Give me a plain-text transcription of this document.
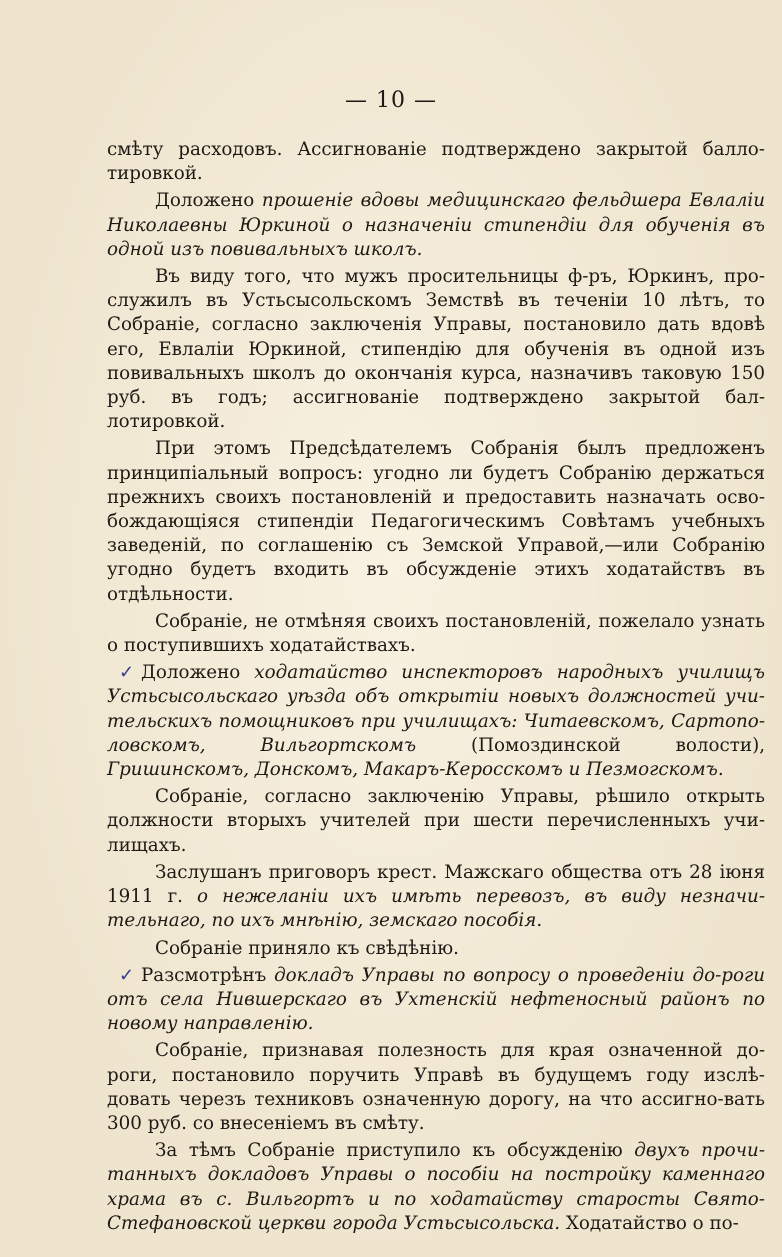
— 10 —

смѣту расходовъ. Ассигнованіе подтверждено закрытой балло-тировкой.

Доложено прошеніе вдовы медицинскаго фельдшера Евлаліи Николаевны Юркиной о назначеніи стипендіи для обученія въ одной изъ повивальныхъ школъ.

Въ виду того, что мужъ просительницы ф-ръ, Юркинъ, про-служилъ въ Устьсысольскомъ Земствѣ въ теченіи 10 лѣтъ, то Собраніе, согласно заключенія Управы, постановило дать вдовѣ его, Евлаліи Юркиной, стипендію для обученія въ одной изъ повивальныхъ школъ до окончанія курса, назначивъ таковую 150 руб. въ годъ; ассигнованіе подтверждено закрытой бал-лотировкой.

При этомъ Предсѣдателемъ Собранія былъ предложенъ принципіальный вопросъ: угодно ли будетъ Собранію держаться прежнихъ своихъ постановленій и предоставить назначать осво-бождающіяся стипендіи Педагогическимъ Совѣтамъ учебныхъ заведеній, по соглашенію съ Земской Управой,—или Собранію угодно будетъ входить въ обсужденіе этихъ ходатайствъ въ отдѣльности.

Собраніе, не отмѣняя своихъ постановленій, пожелало узнать о поступившихъ ходатайствахъ.

✓ Доложено ходатайство инспекторовъ народныхъ училищъ Устьсысольскаго уѣзда объ открытіи новыхъ должностей учи-тельскихъ помощниковъ при училищахъ: Читаевскомъ, Сартопо-ловскомъ, Вильгортскомъ (Помоздинской волости), Гришинскомъ, Донскомъ, Макаръ-Керосскомъ и Пезмогскомъ.

Собраніе, согласно заключенію Управы, рѣшило открыть должности вторыхъ учителей при шести перечисленныхъ учи-лищахъ.

Заслушанъ приговоръ крест. Мажскаго общества отъ 28 іюня 1911 г. о нежеланіи ихъ имѣть перевозъ, въ виду незначи-тельнаго, по ихъ мнѣнію, земскаго пособія.

Собраніе приняло къ свѣдѣнію.

✓ Разсмотрѣнъ докладъ Управы по вопросу о проведеніи до-роги отъ села Нившерскаго въ Ухтенскій нефтеносный районъ по новому направленію.

Собраніе, признавая полезность для края означенной до-роги, постановило поручить Управѣ въ будущемъ году изслѣ-довать черезъ техниковъ означенную дорогу, на что ассигно-вать 300 руб. со внесеніемъ въ смѣту.

За тѣмъ Собраніе приступило къ обсужденію двухъ прочи-танныхъ докладовъ Управы о пособіи на постройку каменнаго храма въ с. Вильгортъ и по ходатайству старосты Свято-Стефановской церкви города Устьсысольска. Ходатайство о по-
